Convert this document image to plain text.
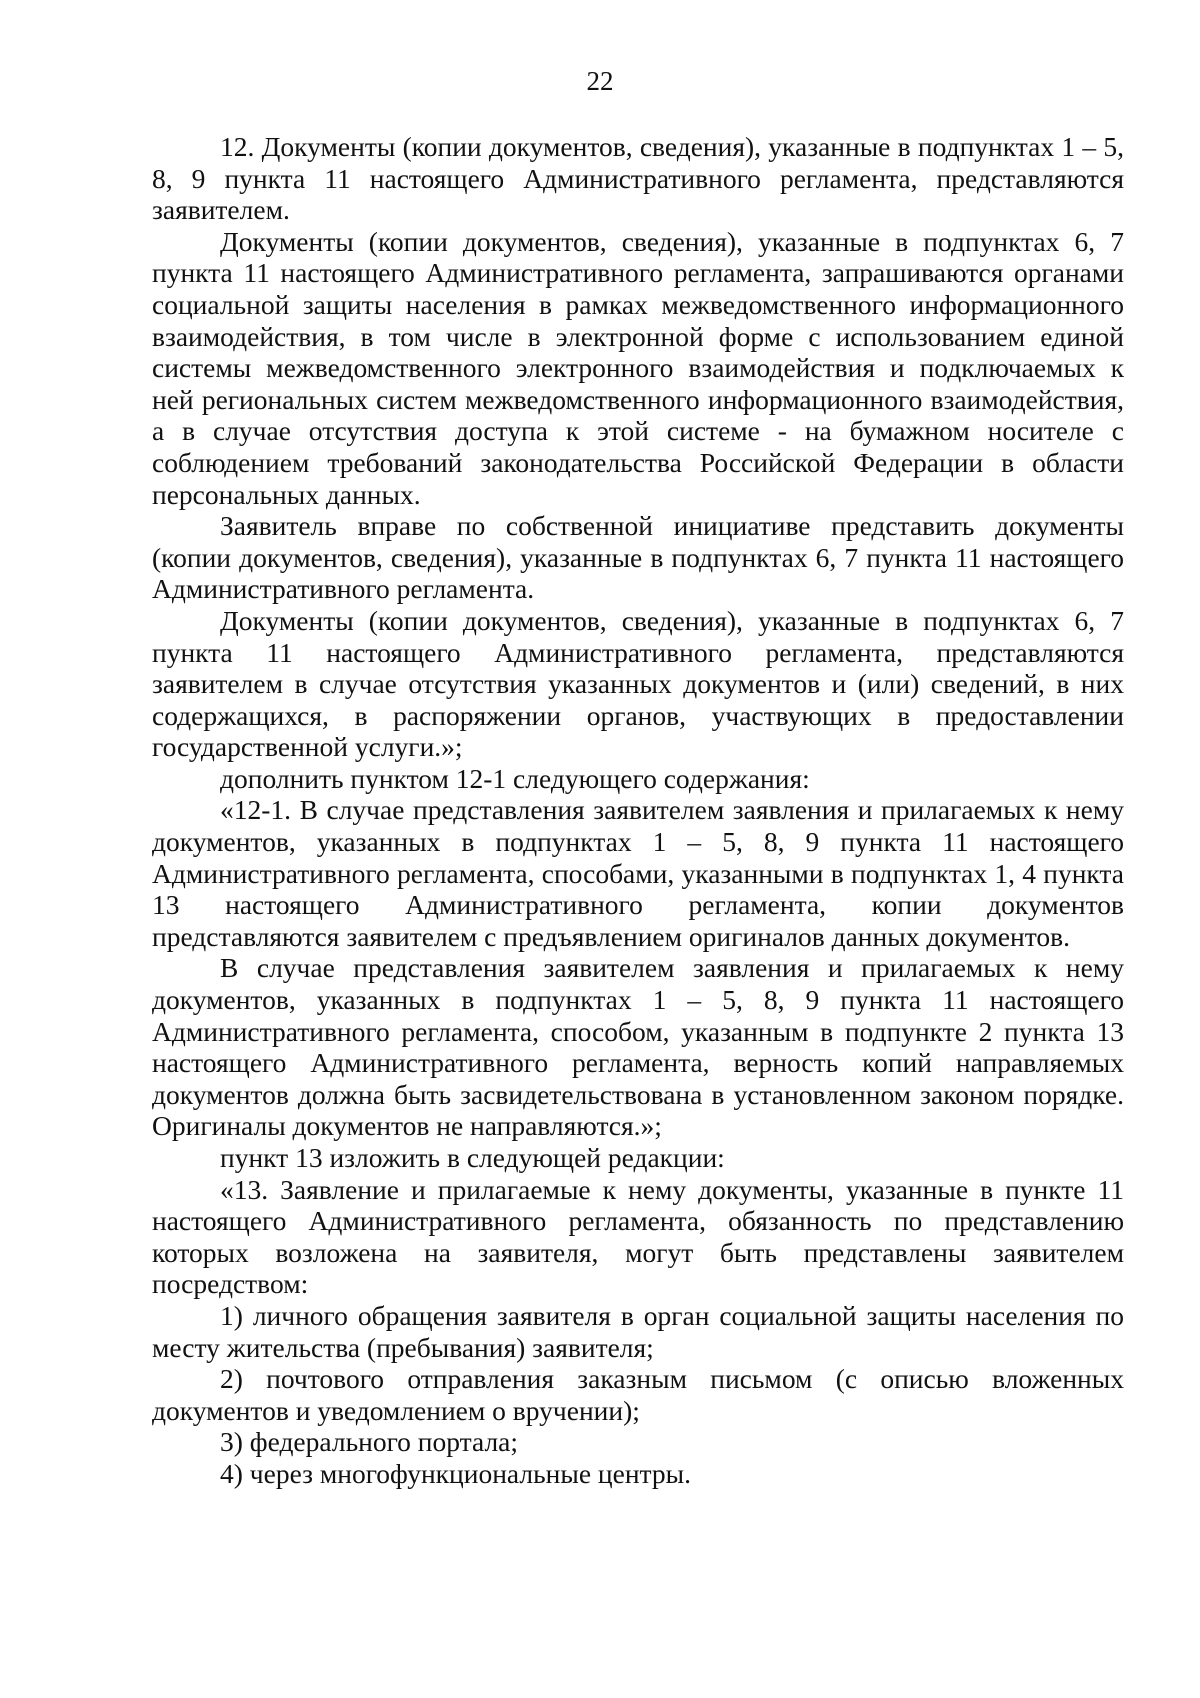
22

12. Документы (копии документов, сведения), указанные в подпунктах 1 – 5, 8, 9 пункта 11 настоящего Административного регламента, представляются заявителем.

Документы (копии документов, сведения), указанные в подпунктах 6, 7 пункта 11 настоящего Административного регламента, запрашиваются органами социальной защиты населения в рамках межведомственного информационного взаимодействия, в том числе в электронной форме с использованием единой системы межведомственного электронного взаимодействия и подключаемых к ней региональных систем межведомственного информационного взаимодействия, а в случае отсутствия доступа к этой системе - на бумажном носителе с соблюдением требований законодательства Российской Федерации в области персональных данных.

Заявитель вправе по собственной инициативе представить документы (копии документов, сведения), указанные в подпунктах 6, 7 пункта 11 настоящего Административного регламента.

Документы (копии документов, сведения), указанные в подпунктах 6, 7 пункта 11 настоящего Административного регламента, представляются заявителем в случае отсутствия указанных документов и (или) сведений, в них содержащихся, в распоряжении органов, участвующих в предоставлении государственной услуги.»;

дополнить пунктом 12-1 следующего содержания:

«12-1. В случае представления заявителем заявления и прилагаемых к нему документов, указанных в подпунктах 1 – 5, 8, 9 пункта 11 настоящего Административного регламента, способами, указанными в подпунктах 1, 4 пункта 13 настоящего Административного регламента, копии документов представляются заявителем с предъявлением оригиналов данных документов.

В случае представления заявителем заявления и прилагаемых к нему документов, указанных в подпунктах 1 – 5, 8, 9 пункта 11 настоящего Административного регламента, способом, указанным в подпункте 2 пункта 13 настоящего Административного регламента, верность копий направляемых документов должна быть засвидетельствована в установленном законом порядке. Оригиналы документов не направляются.»;

пункт 13 изложить в следующей редакции:

«13. Заявление и прилагаемые к нему документы, указанные в пункте 11 настоящего Административного регламента, обязанность по представлению которых возложена на заявителя, могут быть представлены заявителем посредством:

1) личного обращения заявителя в орган социальной защиты населения по месту жительства (пребывания) заявителя;

2) почтового отправления заказным письмом (с описью вложенных документов и уведомлением о вручении);

3) федерального портала;

4) через многофункциональные центры.
